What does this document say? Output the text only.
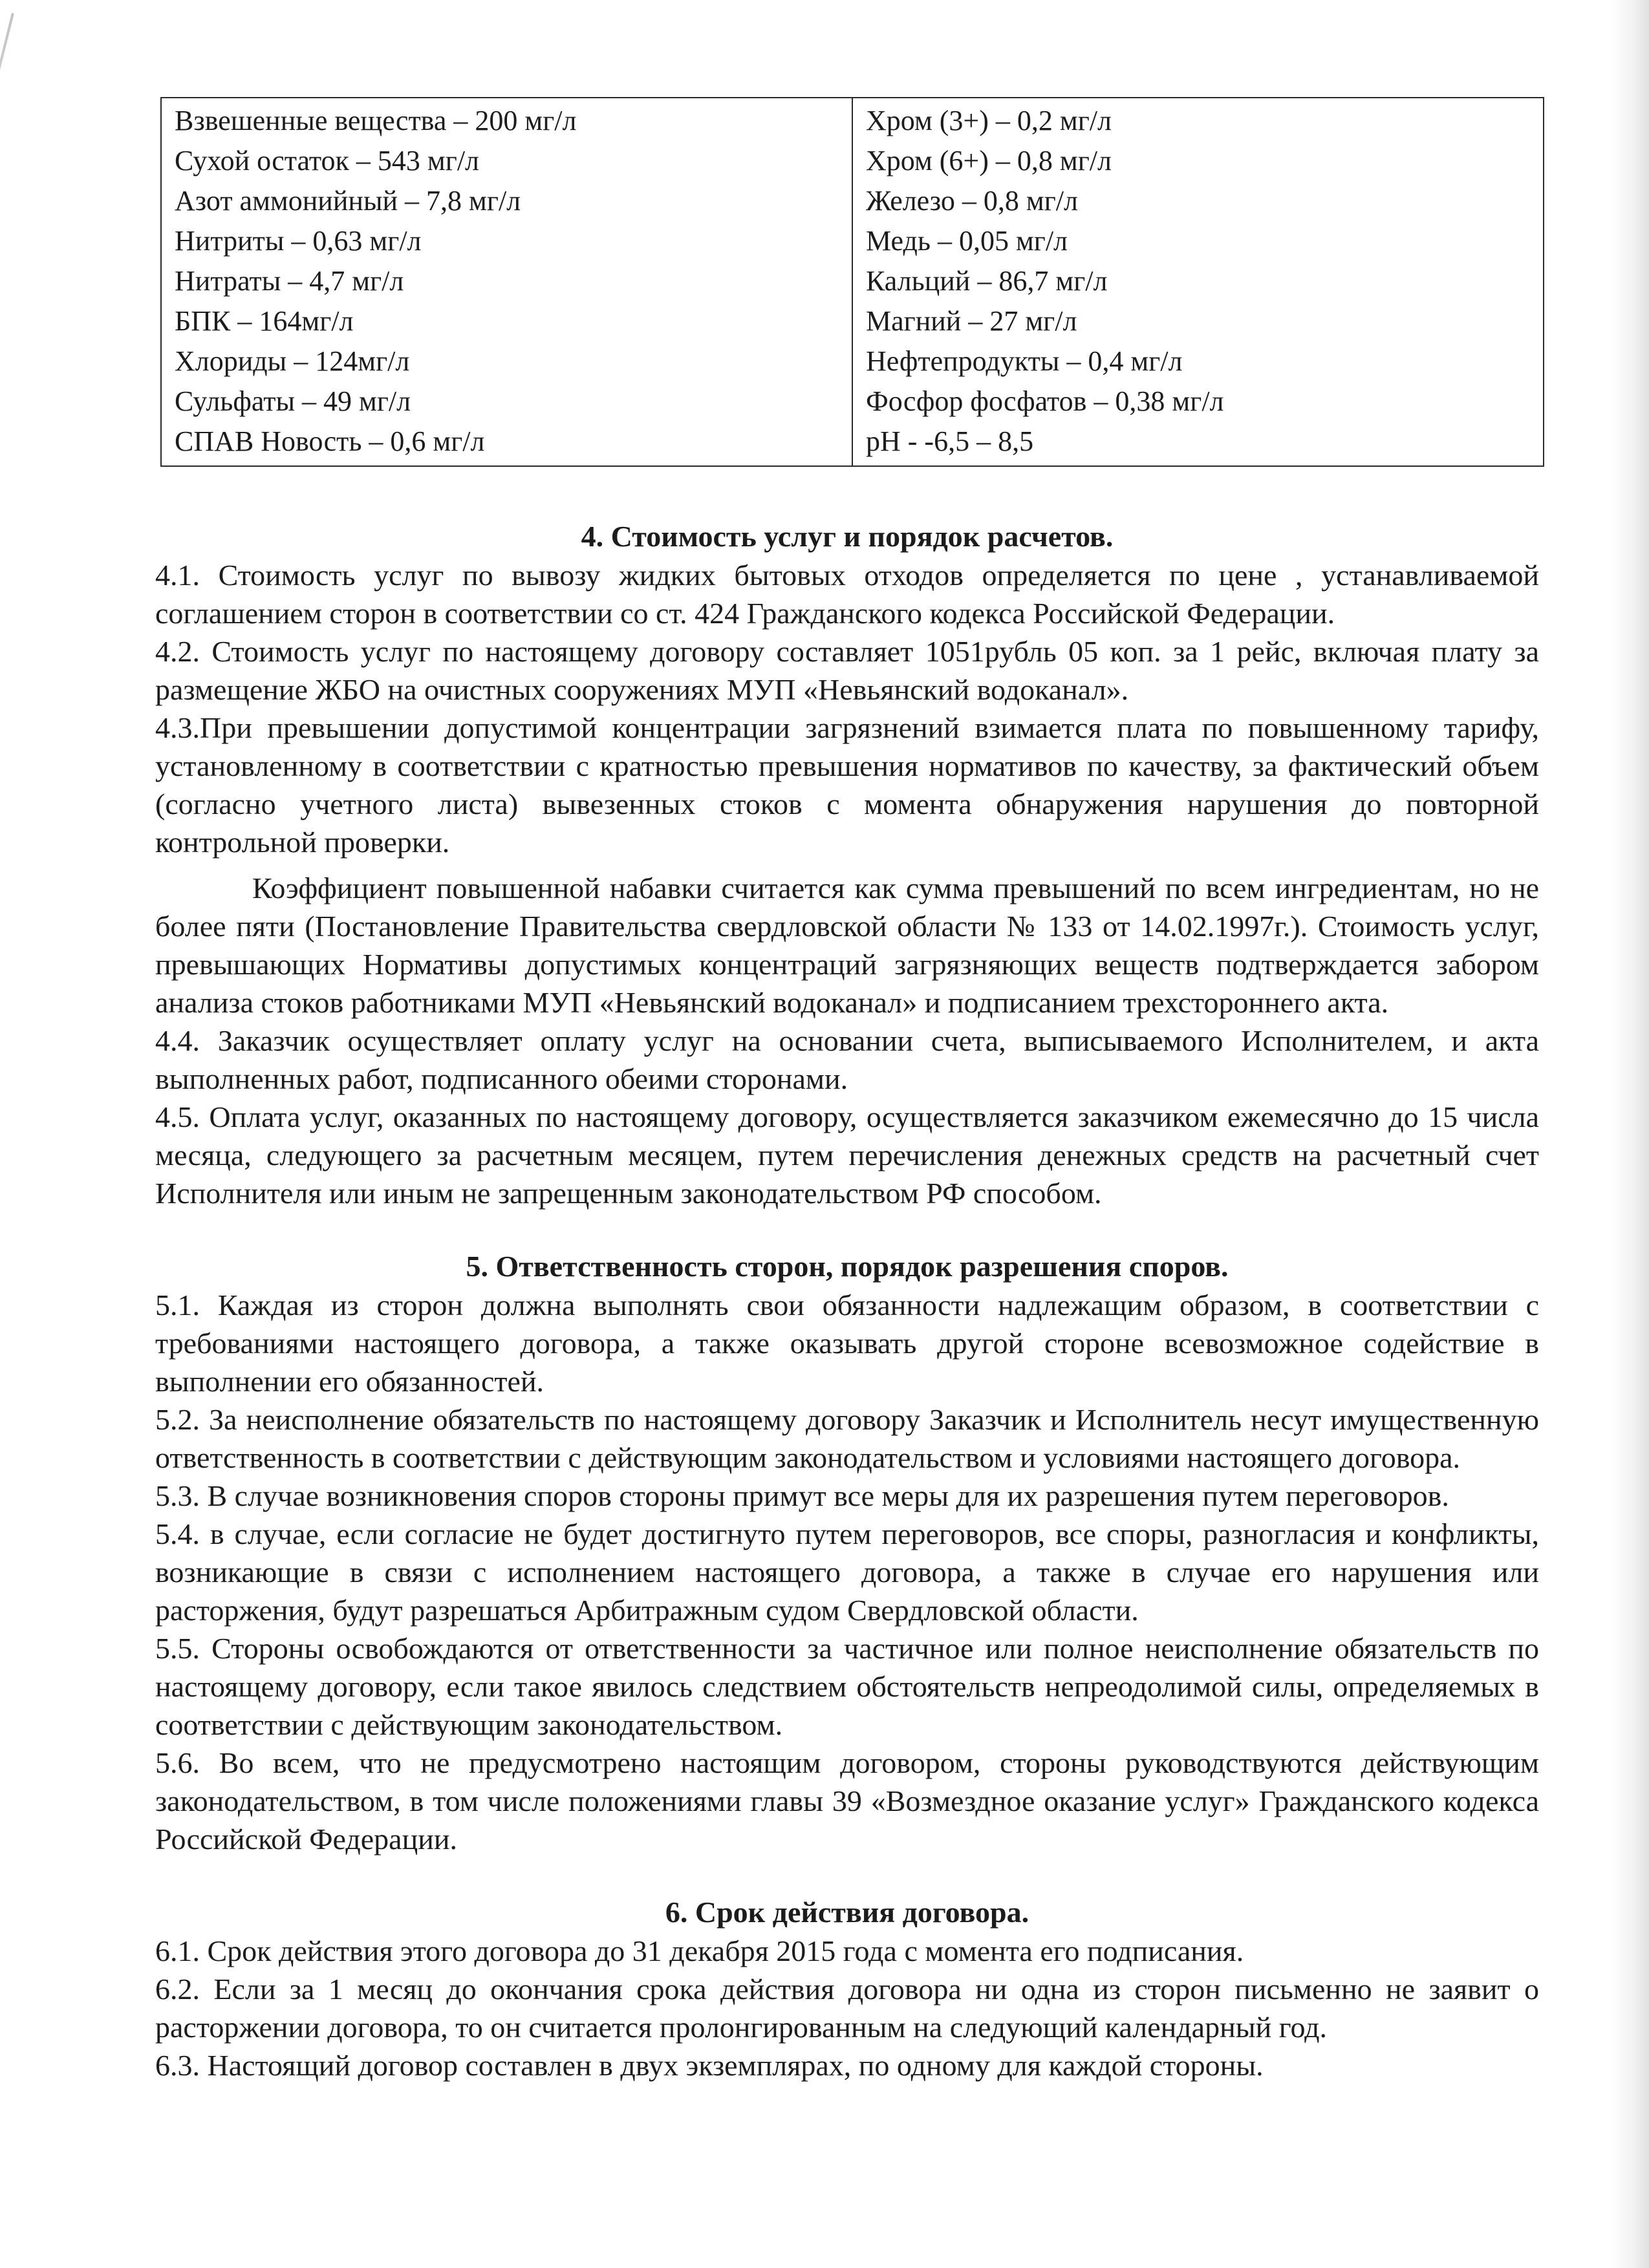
Взвешенные вещества – 200 мг/л
Сухой остаток – 543 мг/л
Азот аммонийный – 7,8 мг/л
Нитриты – 0,63 мг/л
Нитраты – 4,7 мг/л
БПК – 164мг/л
Хлориды – 124мг/л
Сульфаты – 49 мг/л
СПАВ Новость – 0,6 мг/л

Хром (3+) – 0,2 мг/л
Хром (6+) – 0,8 мг/л
Железо – 0,8 мг/л
Медь – 0,05 мг/л
Кальций – 86,7 мг/л
Магний – 27 мг/л
Нефтепродукты – 0,4 мг/л
Фосфор фосфатов – 0,38 мг/л
pH - -6,5 – 8,5
4. Стоимость услуг и порядок расчетов.

4.1. Стоимость услуг по вывозу жидких бытовых отходов определяется по цене , устанавливаемой соглашением сторон в соответствии со ст. 424 Гражданского кодекса Российской Федерации.

4.2. Стоимость услуг по настоящему договору составляет 1051рубль 05 коп. за 1 рейс, включая плату за размещение ЖБО на очистных сооружениях МУП «Невьянский водоканал».

4.3.При превышении допустимой концентрации загрязнений взимается плата по повышенному тарифу, установленному в соответствии с кратностью превышения нормативов по качеству, за фактический объем (согласно учетного листа) вывезенных стоков с момента обнаружения нарушения до повторной контрольной проверки.

Коэффициент повышенной набавки считается как сумма превышений по всем ингредиентам, но не более пяти (Постановление Правительства свердловской области № 133 от 14.02.1997г.). Стоимость услуг, превышающих Нормативы допустимых концентраций загрязняющих веществ подтверждается забором анализа стоков работниками МУП «Невьянский водоканал» и подписанием трехстороннего акта.

4.4. Заказчик осуществляет оплату услуг на основании счета, выписываемого Исполнителем, и акта выполненных работ, подписанного обеими сторонами.

4.5. Оплата услуг, оказанных по настоящему договору, осуществляется заказчиком ежемесячно до 15 числа месяца, следующего за расчетным месяцем, путем перечисления денежных средств на расчетный счет Исполнителя или иным не запрещенным законодательством РФ способом.

5. Ответственность сторон, порядок разрешения споров.

5.1. Каждая из сторон должна выполнять свои обязанности надлежащим образом, в соответствии с требованиями настоящего договора, а также оказывать другой стороне всевозможное содействие в выполнении его обязанностей.

5.2. За неисполнение обязательств по настоящему договору Заказчик и Исполнитель несут имущественную ответственность в соответствии с действующим законодательством и условиями настоящего договора.

5.3. В случае возникновения споров стороны примут все меры для их разрешения путем переговоров.

5.4. в случае, если согласие не будет достигнуто путем переговоров, все споры, разногласия и конфликты, возникающие в связи с исполнением настоящего договора, а также в случае его нарушения или расторжения, будут разрешаться Арбитражным судом Свердловской области.

5.5. Стороны освобождаются от ответственности за частичное или полное неисполнение обязательств по настоящему договору, если такое явилось следствием обстоятельств непреодолимой силы, определяемых в соответствии с действующим законодательством.

5.6. Во всем, что не предусмотрено настоящим договором, стороны руководствуются действующим законодательством, в том числе положениями главы 39 «Возмездное оказание услуг» Гражданского кодекса Российской Федерации.

6. Срок действия договора.

6.1. Срок действия этого договора до 31 декабря 2015 года с момента его подписания.

6.2. Если за 1 месяц до окончания срока действия договора ни одна из сторон письменно не заявит о расторжении договора, то он считается пролонгированным на следующий календарный год.

6.3. Настоящий договор составлен в двух экземплярах, по одному для каждой стороны.
